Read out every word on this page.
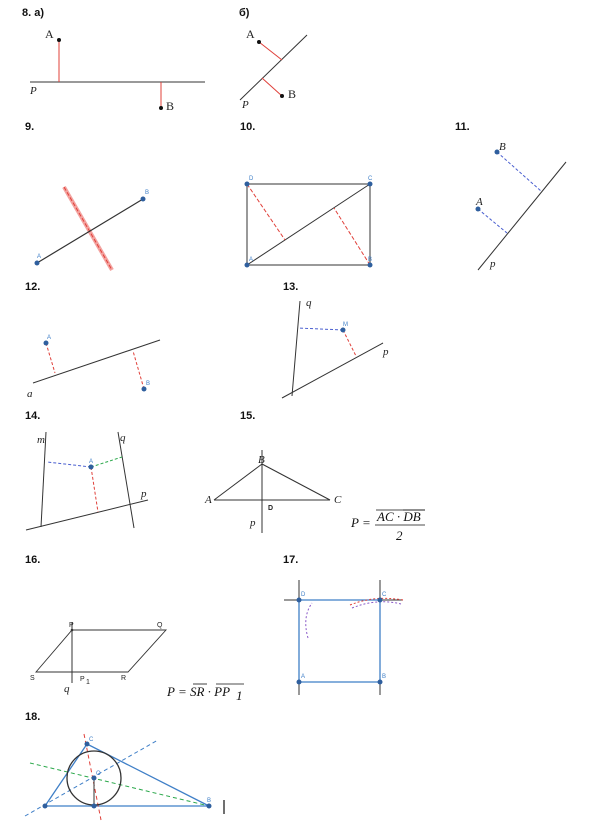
8. а)
A
B
P
б)
A
B
P
9.
A
B
10.
D	C
A	B
11.
B
A
p
12.
A
B
a
13.
M
q
p
14.
A
m	q
p
15.
A
B
C
D
p	P = AC · DB
2
16.
P	Q
R
S	P 1
q	P = SR · PP 1
17.
D	C
A	B
18.
C
B
O
